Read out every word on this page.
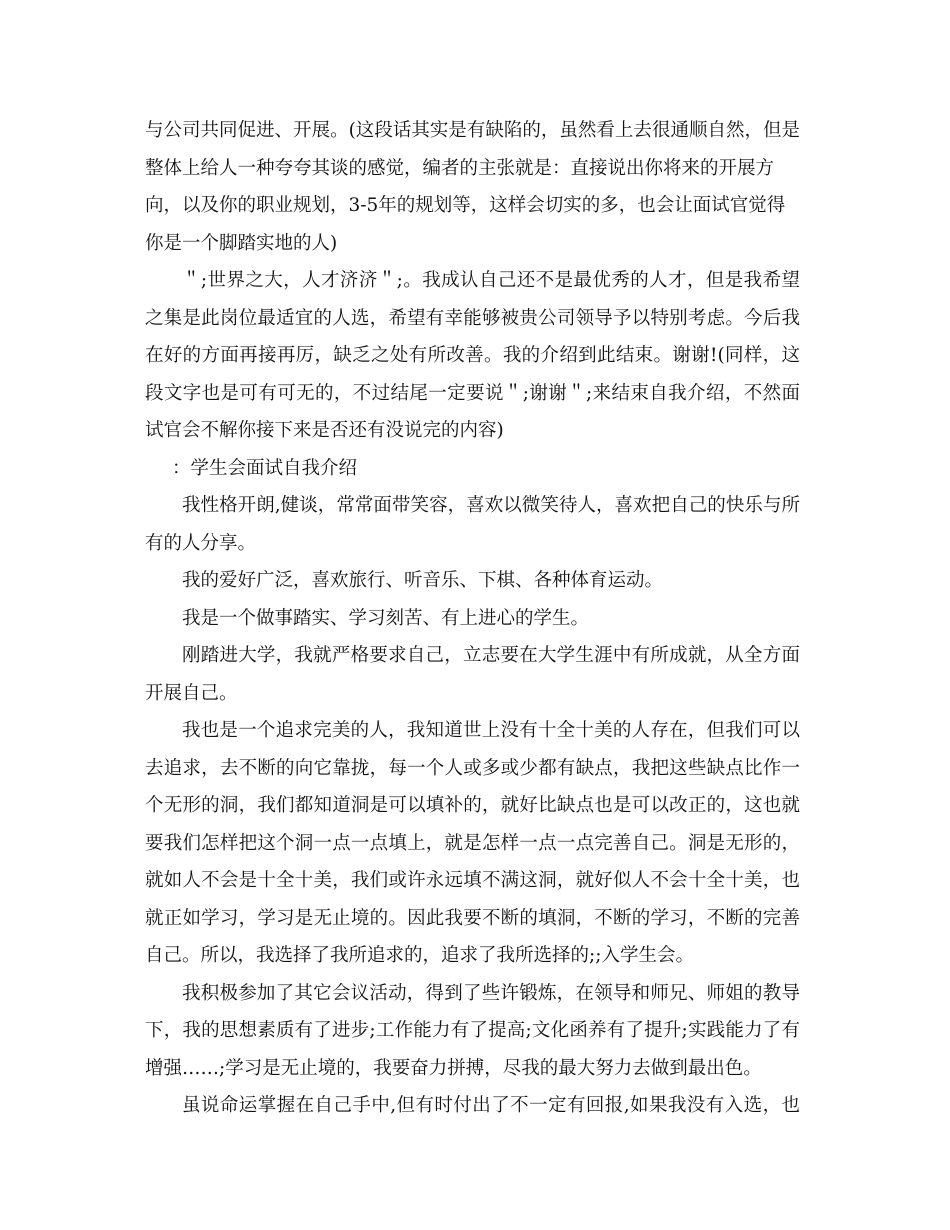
与公司共同促进、开展。(这段话其实是有缺陷的，虽然看上去很通顺自然，但是
整体上给人一种夸夸其谈的感觉，编者的主张就是：直接说出你将来的开展方
向，以及你的职业规划，3-5年的规划等，这样会切实的多，也会让面试官觉得
你是一个脚踏实地的人)
＂;世界之大，人才济济＂;。我成认自己还不是最优秀的人才，但是我希望
之集是此岗位最适宜的人选，希望有幸能够被贵公司领导予以特别考虑。今后我
在好的方面再接再厉，缺乏之处有所改善。我的介绍到此结束。谢谢!(同样，这
段文字也是可有可无的，不过结尾一定要说＂;谢谢＂;来结束自我介绍，不然面
试官会不解你接下来是否还有没说完的内容)
：学生会面试自我介绍
我性格开朗,健谈，常常面带笑容，喜欢以微笑待人，喜欢把自己的快乐与所
有的人分享。
我的爱好广泛，喜欢旅行、听音乐、下棋、各种体育运动。
我是一个做事踏实、学习刻苦、有上进心的学生。
刚踏进大学，我就严格要求自己，立志要在大学生涯中有所成就，从全方面
开展自己。
我也是一个追求完美的人，我知道世上没有十全十美的人存在，但我们可以
去追求，去不断的向它靠拢，每一个人或多或少都有缺点，我把这些缺点比作一
个无形的洞，我们都知道洞是可以填补的，就好比缺点也是可以改正的，这也就
要我们怎样把这个洞一点一点填上，就是怎样一点一点完善自己。洞是无形的，
就如人不会是十全十美，我们或许永远填不满这洞，就好似人不会十全十美，也
就正如学习，学习是无止境的。因此我要不断的填洞，不断的学习，不断的完善
自己。所以，我选择了我所追求的，追求了我所选择的;;入学生会。
我积极参加了其它会议活动，得到了些许锻炼，在领导和师兄、师姐的教导
下，我的思想素质有了进步;工作能力有了提高;文化函养有了提升;实践能力了有
增强……;学习是无止境的，我要奋力拼搏，尽我的最大努力去做到最出色。
虽说命运掌握在自己手中,但有时付出了不一定有回报,如果我没有入选，也
